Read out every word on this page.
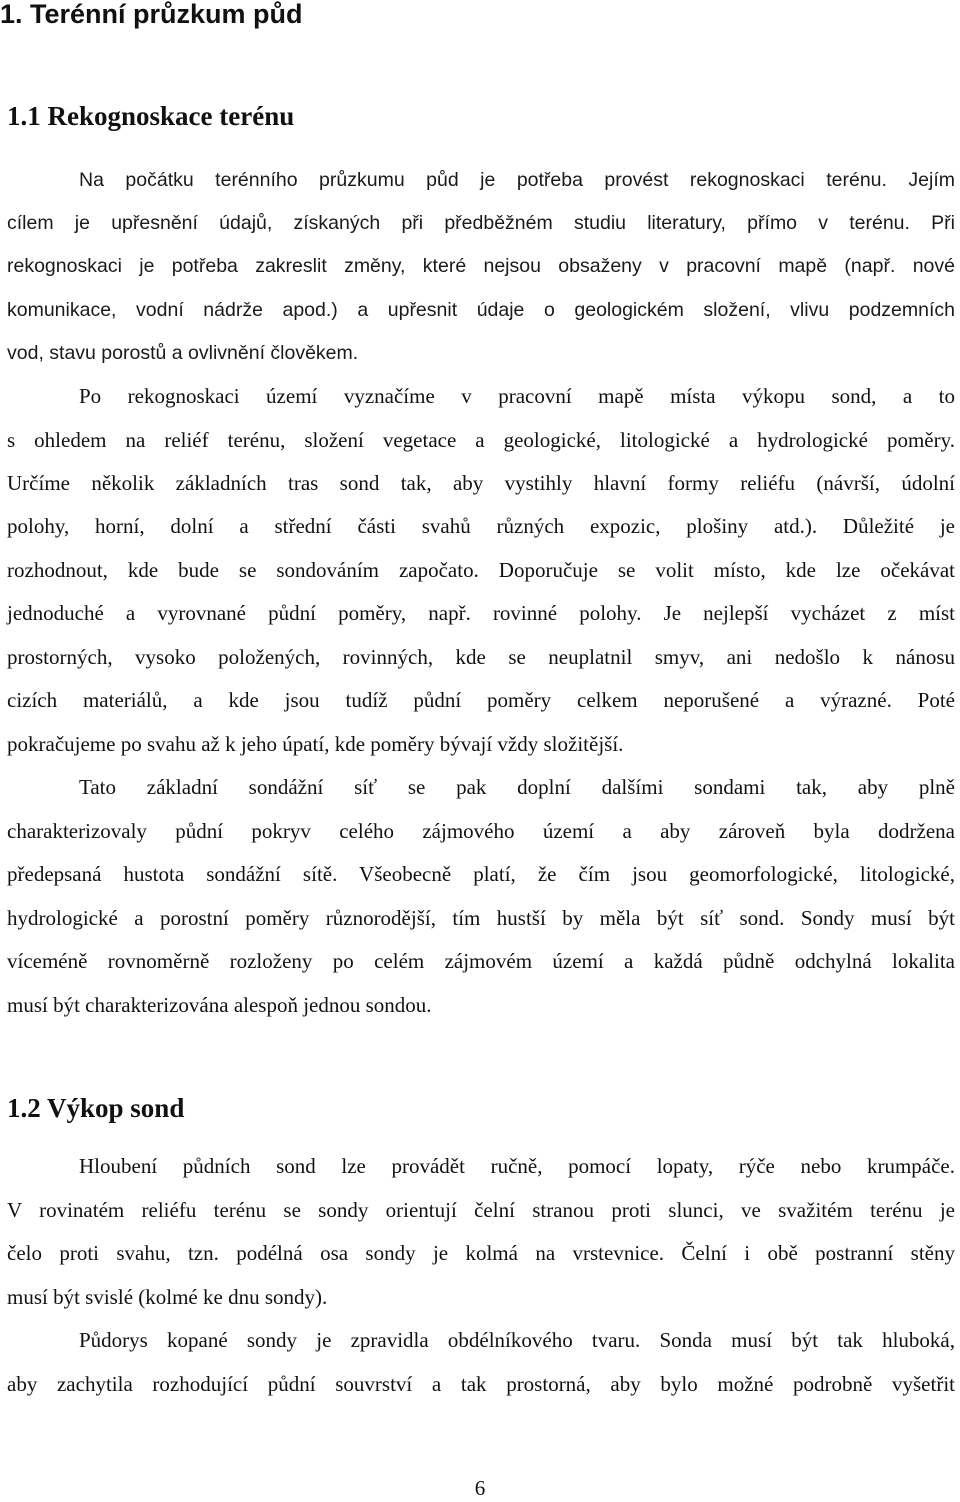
1. Terénní průzkum půd
1.1 Rekognoskace terénu

Na počátku terénního průzkumu půd je potřeba provést rekognoskaci terénu. Jejím

cílem je upřesnění údajů, získaných při předběžném studiu literatury, přímo v terénu. Při

rekognoskaci je potřeba zakreslit změny, které nejsou obsaženy v pracovní mapě (např. nové

komunikace, vodní nádrže apod.) a upřesnit údaje o geologickém složení, vlivu podzemních

vod, stavu porostů a ovlivnění člověkem.

Po rekognoskaci území vyznačíme v pracovní mapě místa výkopu sond, a to

s ohledem na reliéf terénu, složení vegetace a geologické, litologické a hydrologické poměry.

Určíme několik základních tras sond tak, aby vystihly hlavní formy reliéfu (návrší, údolní

polohy, horní, dolní a střední části svahů různých expozic, plošiny atd.). Důležité je

rozhodnout, kde bude se sondováním započato. Doporučuje se volit místo, kde lze očekávat

jednoduché a vyrovnané půdní poměry, např. rovinné polohy. Je nejlepší vycházet z míst

prostorných, vysoko položených, rovinných, kde se neuplatnil smyv, ani nedošlo k nánosu

cizích materiálů, a kde jsou tudíž půdní poměry celkem neporušené a výrazné. Poté

pokračujeme po svahu až k jeho úpatí, kde poměry bývají vždy složitější.

Tato základní sondážní síť se pak doplní dalšími sondami tak, aby plně

charakterizovaly půdní pokryv celého zájmového území a aby zároveň byla dodržena

předepsaná hustota sondážní sítě. Všeobecně platí, že čím jsou geomorfologické, litologické,

hydrologické a porostní poměry různorodější, tím hustší by měla být síť sond. Sondy musí být

víceméně rovnoměrně rozloženy po celém zájmovém území a každá půdně odchylná lokalita

musí být charakterizována alespoň jednou sondou.

1.2 Výkop sond

Hloubení půdních sond lze provádět ručně, pomocí lopaty, rýče nebo krumpáče.

V rovinatém reliéfu terénu se sondy orientují čelní stranou proti slunci, ve svažitém terénu je

čelo proti svahu, tzn. podélná osa sondy je kolmá na vrstevnice. Čelní i obě postranní stěny

musí být svislé (kolmé ke dnu sondy).

Půdorys kopané sondy je zpravidla obdélníkového tvaru. Sonda musí být tak hluboká,

aby zachytila rozhodující půdní souvrství a tak prostorná, aby bylo možné podrobně vyšetřit

6
